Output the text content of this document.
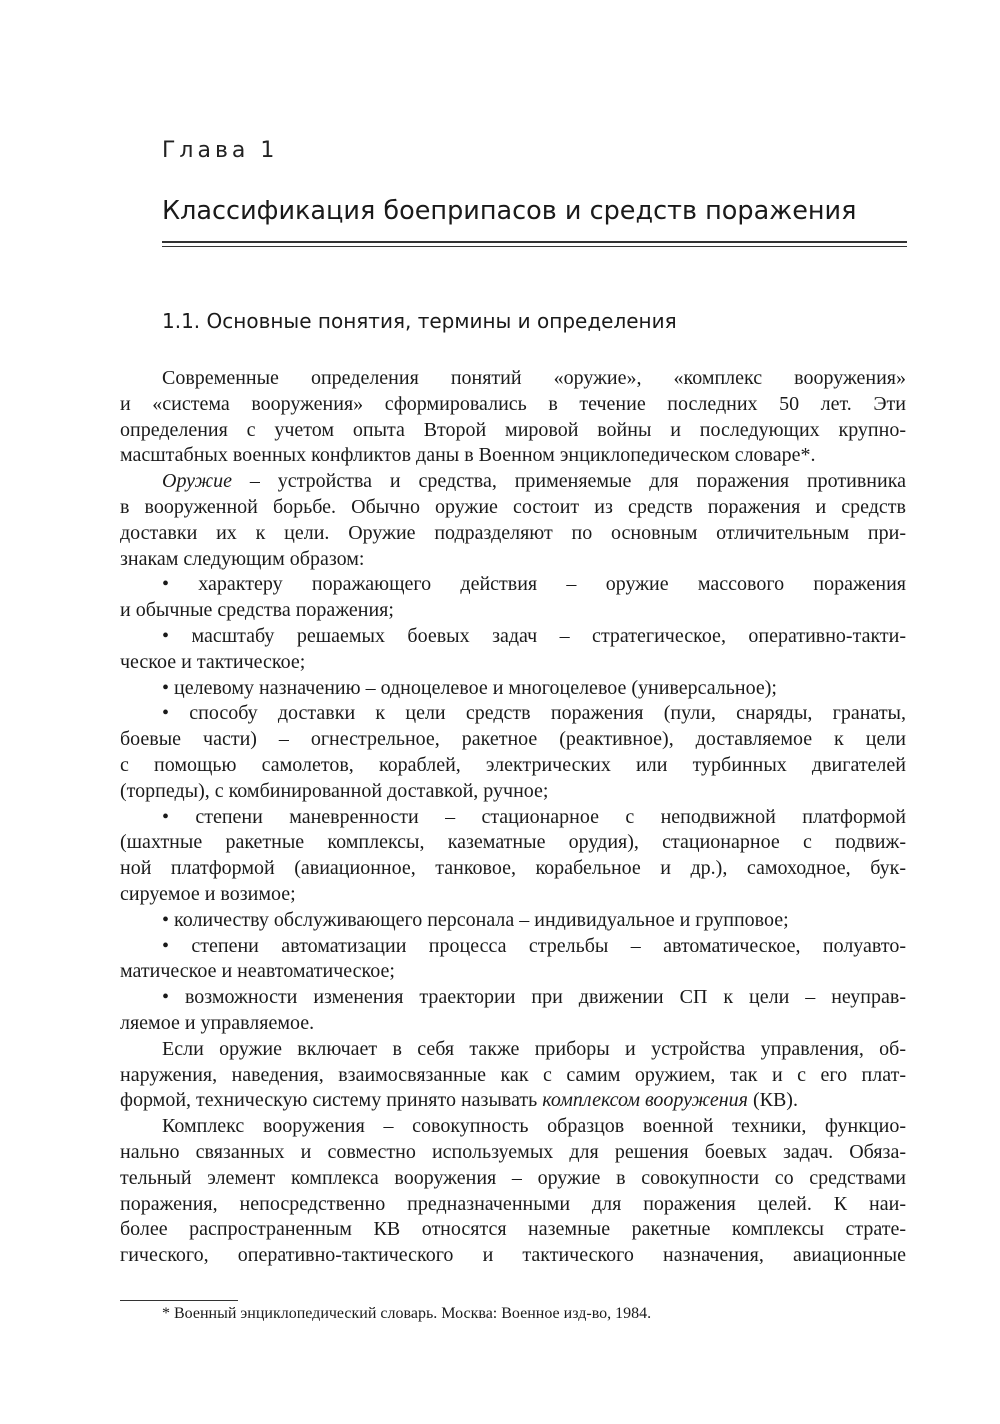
Глава 1
Классификация боеприпасов и средств поражения
1.1. Основные понятия, термины и определения
Современные определения понятий «оружие», «комплекс вооружения»
и «система вооружения» сформировались в течение последних 50 лет. Эти
определения с учетом опыта Второй мировой войны и последующих крупно-
масштабных военных конфликтов даны в Военном энциклопедическом словаре*.
Оружие – устройства и средства, применяемые для поражения противника
в вооруженной борьбе. Обычно оружие состоит из средств поражения и средств
доставки их к цели. Оружие подразделяют по основным отличительным при-
знакам следующим образом:
• характеру поражающего действия – оружие массового поражения
и обычные средства поражения;
• масштабу решаемых боевых задач – стратегическое, оперативно-такти-
ческое и тактическое;
• целевому назначению – одноцелевое и многоцелевое (универсальное);
• способу доставки к цели средств поражения (пули, снаряды, гранаты,
боевые части) – огнестрельное, ракетное (реактивное), доставляемое к цели
с помощью самолетов, кораблей, электрических или турбинных двигателей
(торпеды), с комбинированной доставкой, ручное;
• степени маневренности – стационарное с неподвижной платформой
(шахтные ракетные комплексы, казематные орудия), стационарное с подвиж-
ной платформой (авиационное, танковое, корабельное и др.), самоходное, бук-
сируемое и возимое;
• количеству обслуживающего персонала – индивидуальное и групповое;
• степени автоматизации процесса стрельбы – автоматическое, полуавто-
матическое и неавтоматическое;
• возможности изменения траектории при движении СП к цели – неуправ-
ляемое и управляемое.
Если оружие включает в себя также приборы и устройства управления, об-
наружения, наведения, взаимосвязанные как с самим оружием, так и с его плат-
формой, техническую систему принято называть комплексом вооружения (КВ).
Комплекс вооружения – совокупность образцов военной техники, функцио-
нально связанных и совместно используемых для решения боевых задач. Обяза-
тельный элемент комплекса вооружения – оружие в совокупности со средствами
поражения, непосредственно предназначенными для поражения целей. К наи-
более распространенным КВ относятся наземные ракетные комплексы страте-
гического, оперативно-тактического и тактического назначения, авиационные
* Военный энциклопедический словарь. Москва: Военное изд-во, 1984.
